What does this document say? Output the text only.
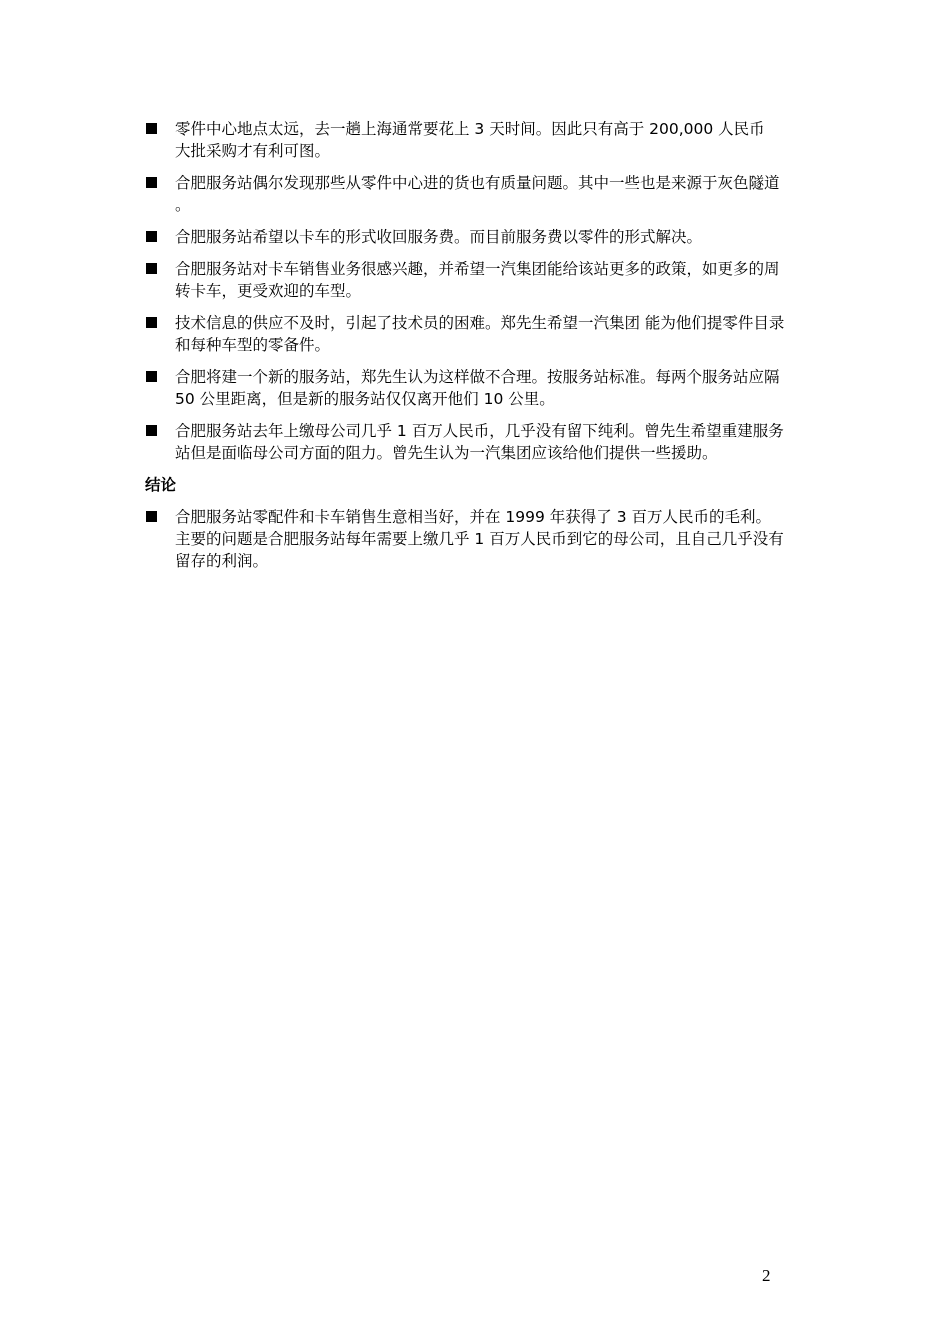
零件中心地点太远，去一趟上海通常要花上 3 天时间。因此只有高于 200,000 人民币 大批采购才有利可图。
合肥服务站偶尔发现那些从零件中心进的货也有质量问题。其中一些也是来源于灰色隧道 。
合肥服务站希望以卡车的形式收回服务费。而目前服务费以零件的形式解决。
合肥服务站对卡车销售业务很感兴趣，并希望一汽集团能给该站更多的政策，如更多的周转卡车，更受欢迎的车型。
技术信息的供应不及时，引起了技术员的困难。郑先生希望一汽集团 能为他们提零件目录和每种车型的零备件。
合肥将建一个新的服务站，郑先生认为这样做不合理。按服务站标准。每两个服务站应隔50 公里距离，但是新的服务站仅仅离开他们 10 公里。
合肥服务站去年上缴母公司几乎 1 百万人民币，几乎没有留下纯利。曾先生希望重建服务站但是面临母公司方面的阻力。曾先生认为一汽集团应该给他们提供一些援助。
结论
合肥服务站零配件和卡车销售生意相当好，并在 1999 年获得了 3 百万人民币的毛利。主要的问题是合肥服务站每年需要上缴几乎 1 百万人民币到它的母公司，且自己几乎没有留存的利润。
2
